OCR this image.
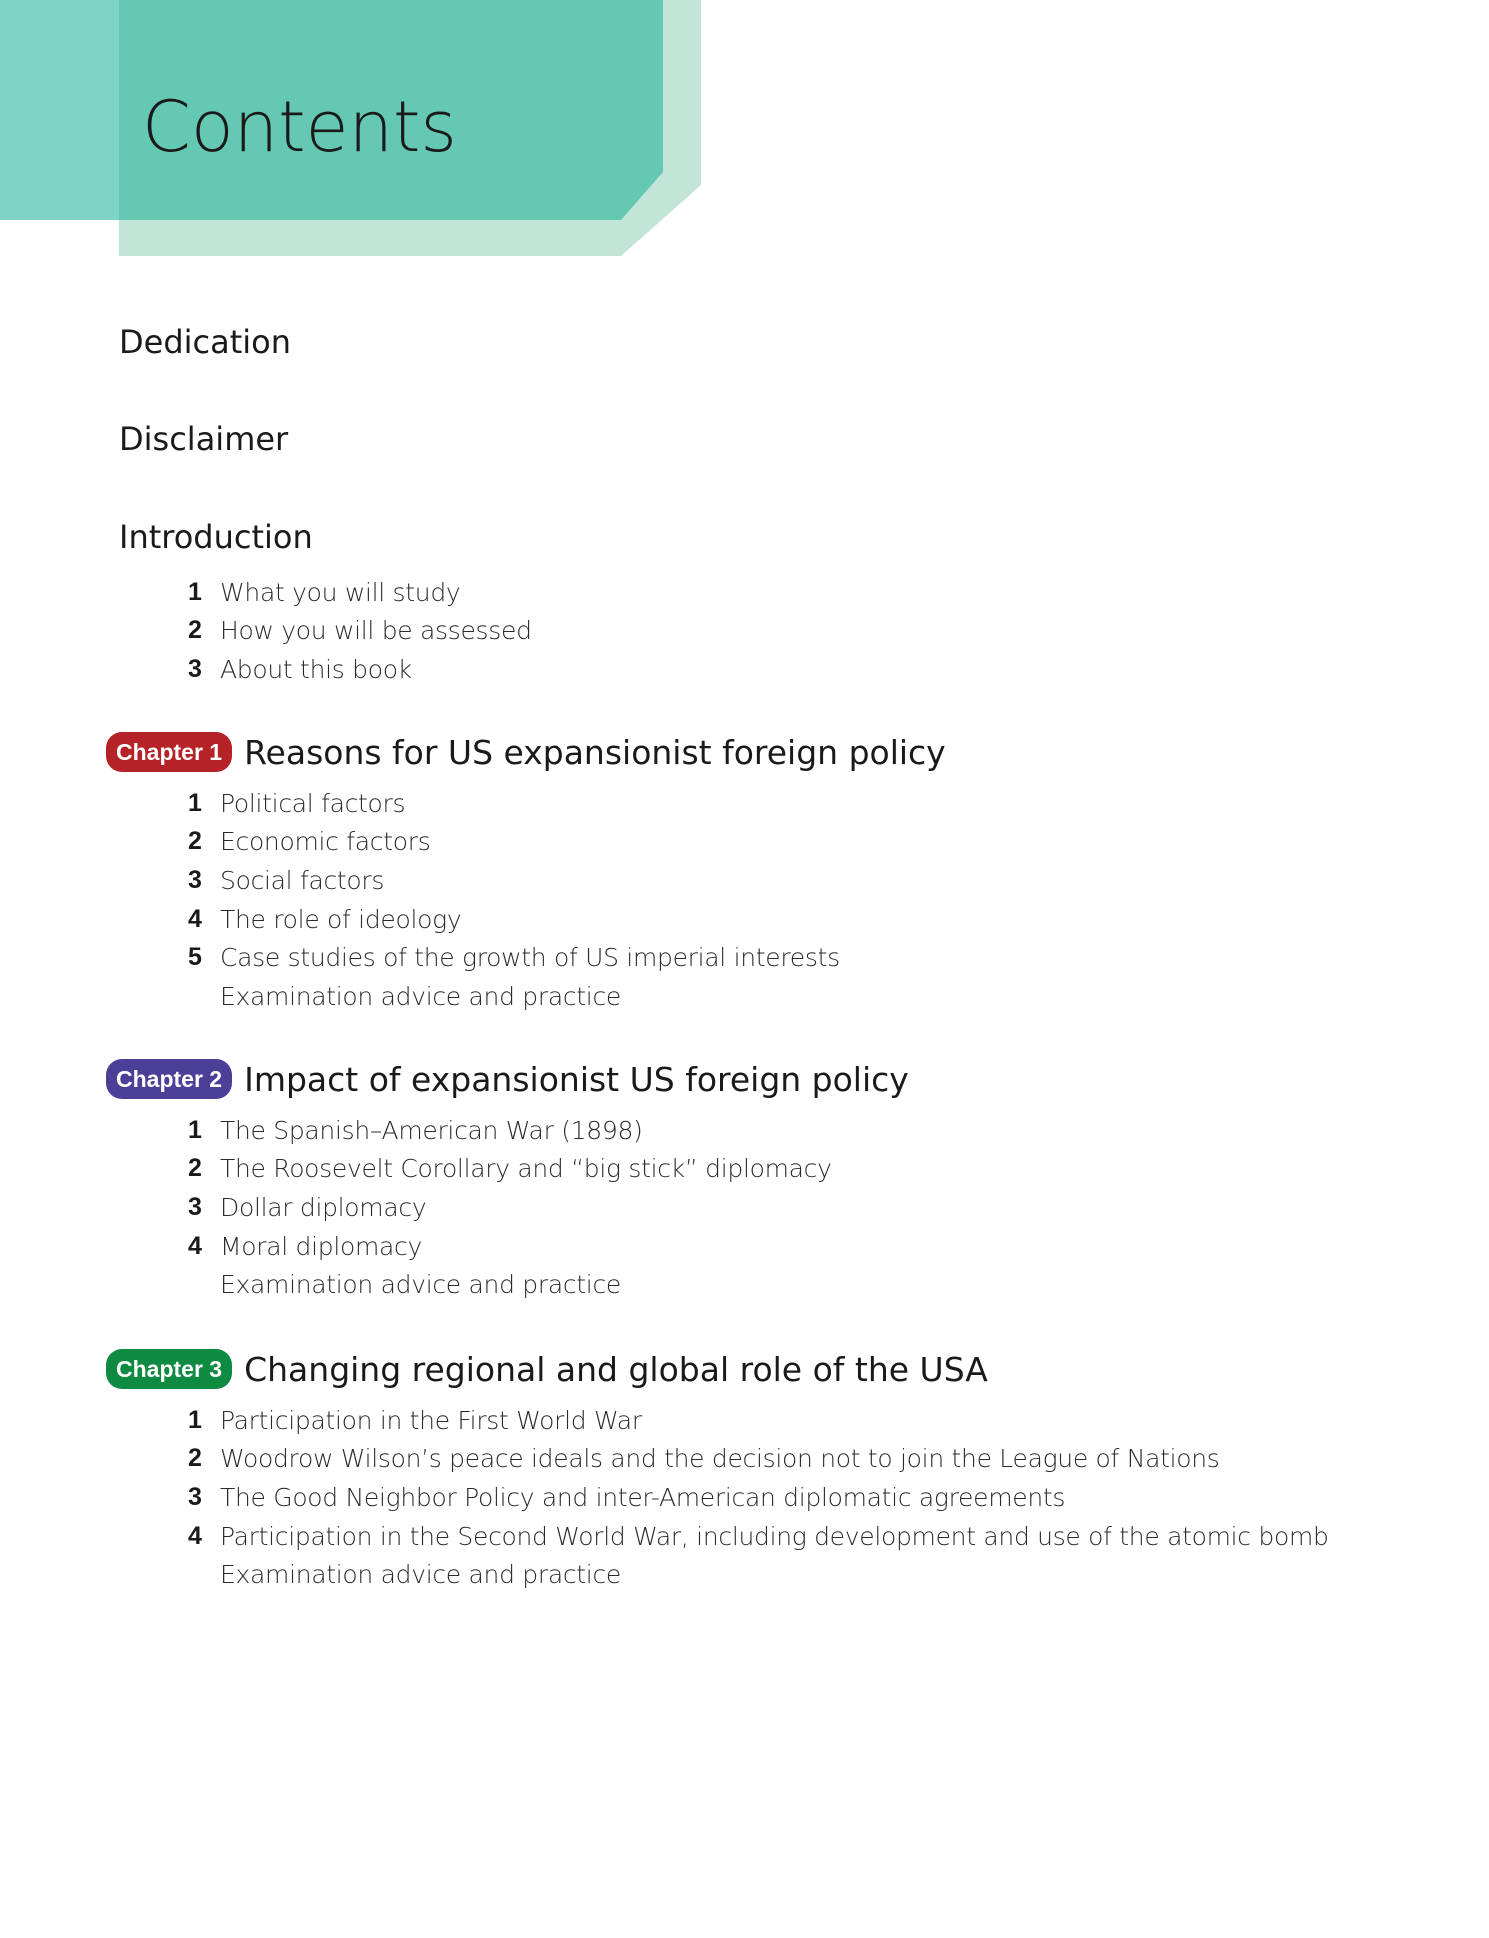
Contents
Dedication
Disclaimer
Introduction
1 What you will study
2 How you will be assessed
3 About this book
Chapter 1 Reasons for US expansionist foreign policy
1 Political factors
2 Economic factors
3 Social factors
4 The role of ideology
5 Case studies of the growth of US imperial interests
Examination advice and practice
Chapter 2 Impact of expansionist US foreign policy
1 The Spanish–American War (1898)
2 The Roosevelt Corollary and “big stick” diplomacy
3 Dollar diplomacy
4 Moral diplomacy
Examination advice and practice
Chapter 3 Changing regional and global role of the USA
1 Participation in the First World War
2 Woodrow Wilson’s peace ideals and the decision not to join the League of Nations
3 The Good Neighbor Policy and inter-American diplomatic agreements
4 Participation in the Second World War, including development and use of the atomic bomb
Examination advice and practice
